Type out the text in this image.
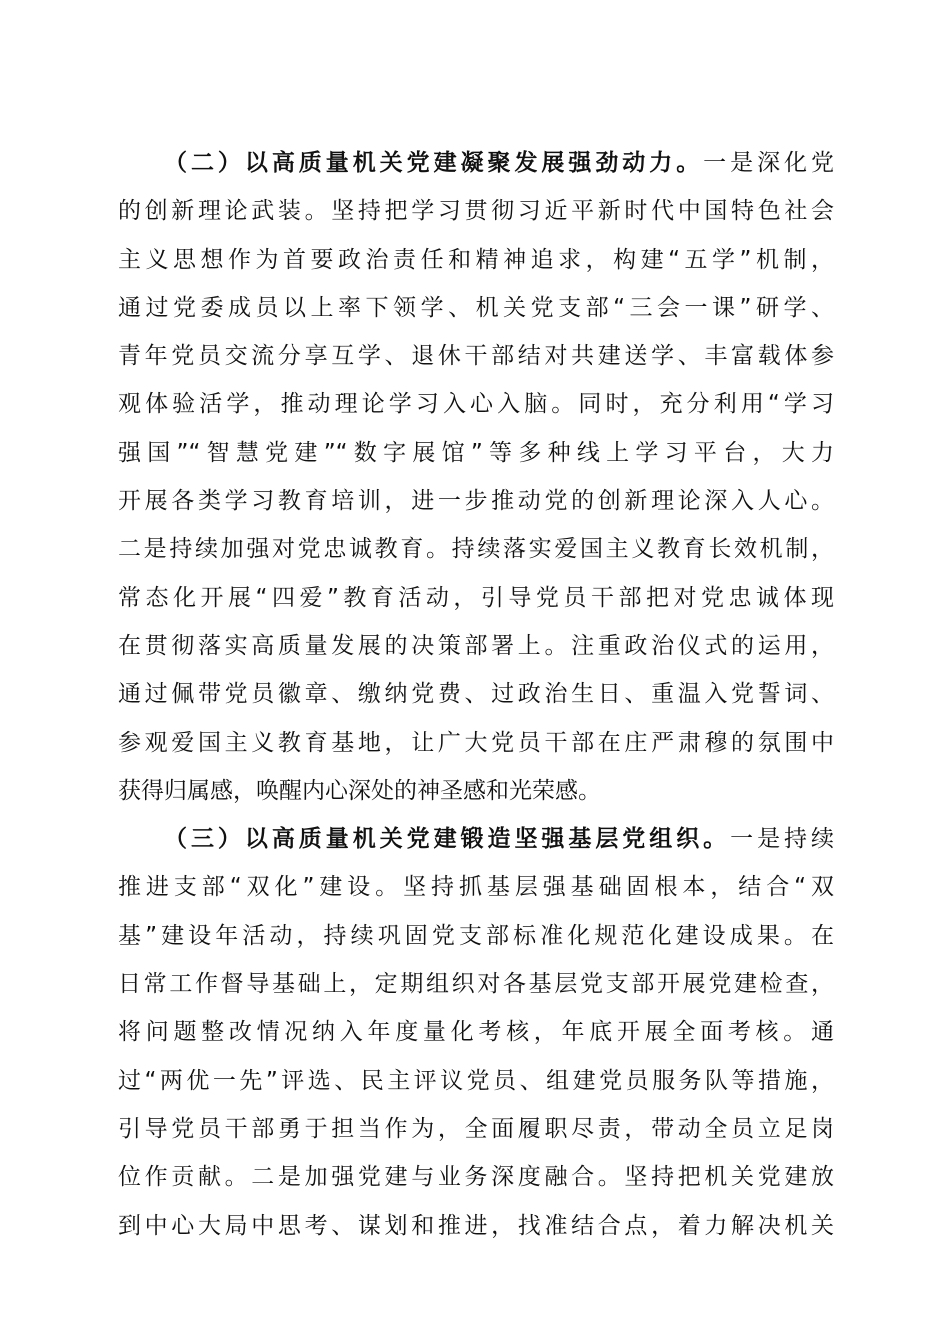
（二）以高质量机关党建凝聚发展强劲动力。一是深化党
的创新理论武装。坚持把学习贯彻习近平新时代中国特色社会
主义思想作为首要政治责任和精神追求，构建“五学”机制，
通过党委成员以上率下领学、机关党支部“三会一课”研学、
青年党员交流分享互学、退休干部结对共建送学、丰富载体参
观体验活学，推动理论学习入心入脑。同时，充分利用“学习
强国”“智慧党建”“数字展馆”等多种线上学习平台，大力
开展各类学习教育培训，进一步推动党的创新理论深入人心。
二是持续加强对党忠诚教育。持续落实爱国主义教育长效机制，
常态化开展“四爱”教育活动，引导党员干部把对党忠诚体现
在贯彻落实高质量发展的决策部署上。注重政治仪式的运用，
通过佩带党员徽章、缴纳党费、过政治生日、重温入党誓词、
参观爱国主义教育基地，让广大党员干部在庄严肃穆的氛围中
获得归属感，唤醒内心深处的神圣感和光荣感。
（三）以高质量机关党建锻造坚强基层党组织。一是持续
推进支部“双化”建设。坚持抓基层强基础固根本，结合“双
基”建设年活动，持续巩固党支部标准化规范化建设成果。在
日常工作督导基础上，定期组织对各基层党支部开展党建检查，
将问题整改情况纳入年度量化考核，年底开展全面考核。通
过“两优一先”评选、民主评议党员、组建党员服务队等措施，
引导党员干部勇于担当作为，全面履职尽责，带动全员立足岗
位作贡献。二是加强党建与业务深度融合。坚持把机关党建放
到中心大局中思考、谋划和推进，找准结合点，着力解决机关
